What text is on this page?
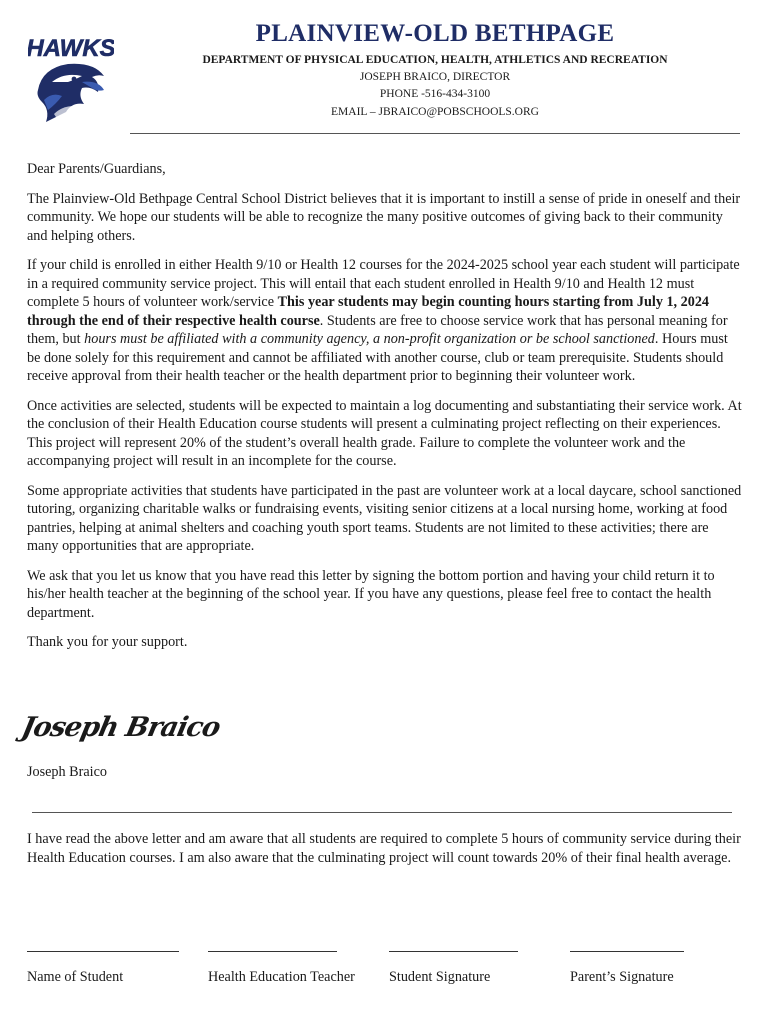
HAWKS
PLAINVIEW-OLD BETHPAGE
DEPARTMENT OF PHYSICAL EDUCATION, HEALTH, ATHLETICS AND RECREATION
JOSEPH BRAICO, DIRECTOR
PHONE -516-434-3100
EMAIL – JBRAICO@POBSCHOOLS.ORG

Dear Parents/Guardians,

The Plainview-Old Bethpage Central School District believes that it is important to instill a sense of pride in oneself and their community. We hope our students will be able to recognize the many positive outcomes of giving back to their community and helping others.

If your child is enrolled in either Health 9/10 or Health 12 courses for the 2024-2025 school year each student will participate in a required community service project. This will entail that each student enrolled in Health 9/10 and Health 12 must complete 5 hours of volunteer work/service This year students may begin counting hours starting from July 1, 2024 through the end of their respective health course. Students are free to choose service work that has personal meaning for them, but hours must be affiliated with a community agency, a non-profit organization or be school sanctioned. Hours must be done solely for this requirement and cannot be affiliated with another course, club or team prerequisite. Students should receive approval from their health teacher or the health department prior to beginning their volunteer work.

Once activities are selected, students will be expected to maintain a log documenting and substantiating their service work. At the conclusion of their Health Education course students will present a culminating project reflecting on their experiences. This project will represent 20% of the student’s overall health grade. Failure to complete the volunteer work and the accompanying project will result in an incomplete for the course.

Some appropriate activities that students have participated in the past are volunteer work at a local daycare, school sanctioned tutoring, organizing charitable walks or fundraising events, visiting senior citizens at a local nursing home, working at food pantries, helping at animal shelters and coaching youth sport teams. Students are not limited to these activities; there are many opportunities that are appropriate.

We ask that you let us know that you have read this letter by signing the bottom portion and having your child return it to his/her health teacher at the beginning of the school year. If you have any questions, please feel free to contact the health department.

Thank you for your support.

Joseph Braico
Joseph Braico
I have read the above letter and am aware that all students are required to complete 5 hours of community service during their Health Education courses. I am also aware that the culminating project will count towards 20% of their final health average.
Name of Student	Health Education Teacher Student Signature	Parent’s Signature
